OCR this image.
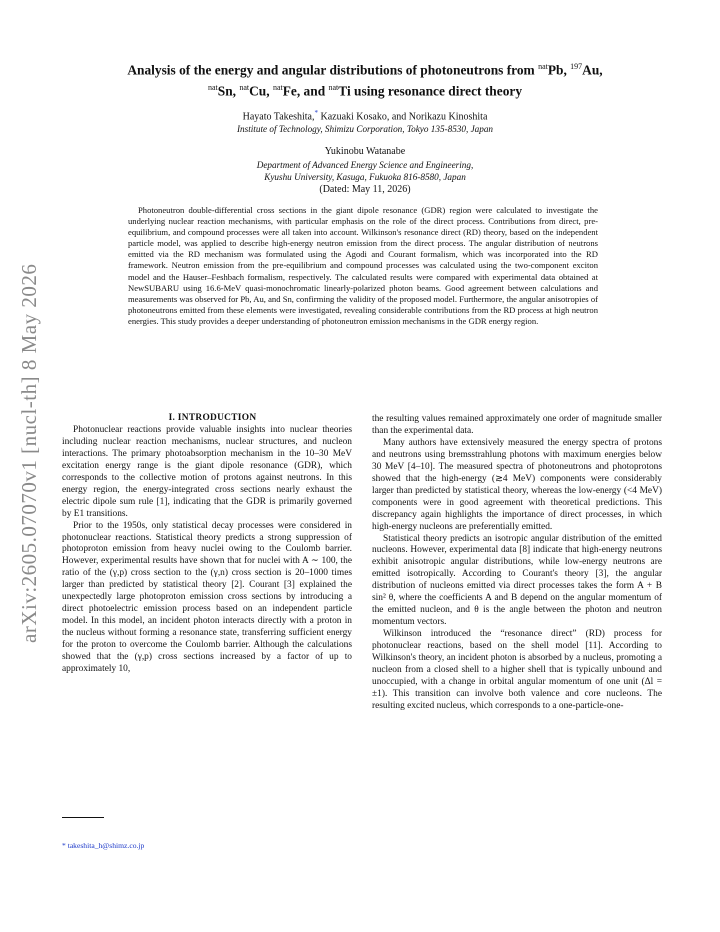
arXiv:2605.07070v1 [nucl-th] 8 May 2026
Analysis of the energy and angular distributions of photoneutrons from $^{nat}$Pb, $^{197}$Au,
$^{nat}$Sn, $^{nat}$Cu, $^{nat}$Fe, and $^{nat}$Ti using resonance direct theory
Hayato Takeshita,* Kazuaki Kosako, and Norikazu Kinoshita
Institute of Technology, Shimizu Corporation, Tokyo 135-8530, Japan
Yukinobu Watanabe
Department of Advanced Energy Science and Engineering,
Kyushu University, Kasuga, Fukuoka 816-8580, Japan
(Dated: May 11, 2026)
Photoneutron double-differential cross sections in the giant dipole resonance (GDR) region were calculated to investigate the underlying nuclear reaction mechanisms, with particular emphasis on the role of the direct process. Contributions from direct, pre-equilibrium, and compound processes were all taken into account. Wilkinson's resonance direct (RD) theory, based on the independent particle model, was applied to describe high-energy neutron emission from the direct process. The angular distribution of neutrons emitted via the RD mechanism was formulated using the Agodi and Courant formalism, which was incorporated into the RD framework. Neutron emission from the pre-equilibrium and compound processes was calculated using the two-component exciton model and the Hauser–Feshbach formalism, respectively. The calculated results were compared with experimental data obtained at NewSUBARU using 16.6-MeV quasi-monochromatic linearly-polarized photon beams. Good agreement between calculations and measurements was observed for Pb, Au, and Sn, confirming the validity of the proposed model. Furthermore, the angular anisotropies of photoneutrons emitted from these elements were investigated, revealing considerable contributions from the RD process at high neutron energies. This study provides a deeper understanding of photoneutron emission mechanisms in the GDR energy region.

I. INTRODUCTION

Photonuclear reactions provide valuable insights into nuclear theories including nuclear reaction mechanisms, nuclear structures, and nucleon interactions. The primary photoabsorption mechanism in the 10–30 MeV excitation energy range is the giant dipole resonance (GDR), which corresponds to the collective motion of protons against neutrons. In this energy region, the energy-integrated cross sections nearly exhaust the electric dipole sum rule [1], indicating that the GDR is primarily governed by E1 transitions.

Prior to the 1950s, only statistical decay processes were considered in photonuclear reactions. Statistical theory predicts a strong suppression of photoproton emission from heavy nuclei owing to the Coulomb barrier. However, experimental results have shown that for nuclei with A ∼ 100, the ratio of the (γ,p) cross section to the (γ,n) cross section is 20–1000 times larger than predicted by statistical theory [2]. Courant [3] explained the unexpectedly large photoproton emission cross sections by introducing a direct photoelectric emission process based on an independent particle model. In this model, an incident photon interacts directly with a proton in the nucleus without forming a resonance state, transferring sufficient energy for the proton to overcome the Coulomb barrier. Although the calculations showed that the (γ,p) cross sections increased by a factor of up to approximately 10,

the resulting values remained approximately one order of magnitude smaller than the experimental data.

Many authors have extensively measured the energy spectra of protons and neutrons using bremsstrahlung photons with maximum energies below 30 MeV [4–10]. The measured spectra of photoneutrons and photoprotons showed that the high-energy (≳4 MeV) components were considerably larger than predicted by statistical theory, whereas the low-energy (<4 MeV) components were in good agreement with theoretical predictions. This discrepancy again highlights the importance of direct processes, in which high-energy nucleons are preferentially emitted.

Statistical theory predicts an isotropic angular distribution of the emitted nucleons. However, experimental data [8] indicate that high-energy neutrons exhibit anisotropic angular distributions, while low-energy neutrons are emitted isotropically. According to Courant's theory [3], the angular distribution of nucleons emitted via direct processes takes the form A + B sin² θ, where the coefficients A and B depend on the angular momentum of the emitted nucleon, and θ is the angle between the photon and neutron momentum vectors.

Wilkinson introduced the “resonance direct” (RD) process for photonuclear reactions, based on the shell model [11]. According to Wilkinson's theory, an incident photon is absorbed by a nucleus, promoting a nucleon from a closed shell to a higher shell that is typically unbound and unoccupied, with a change in orbital angular momentum of one unit (Δl = ±1). This transition can involve both valence and core nucleons. The resulting excited nucleus, which corresponds to a one-particle-one-

* takeshita_h@shimz.co.jp
